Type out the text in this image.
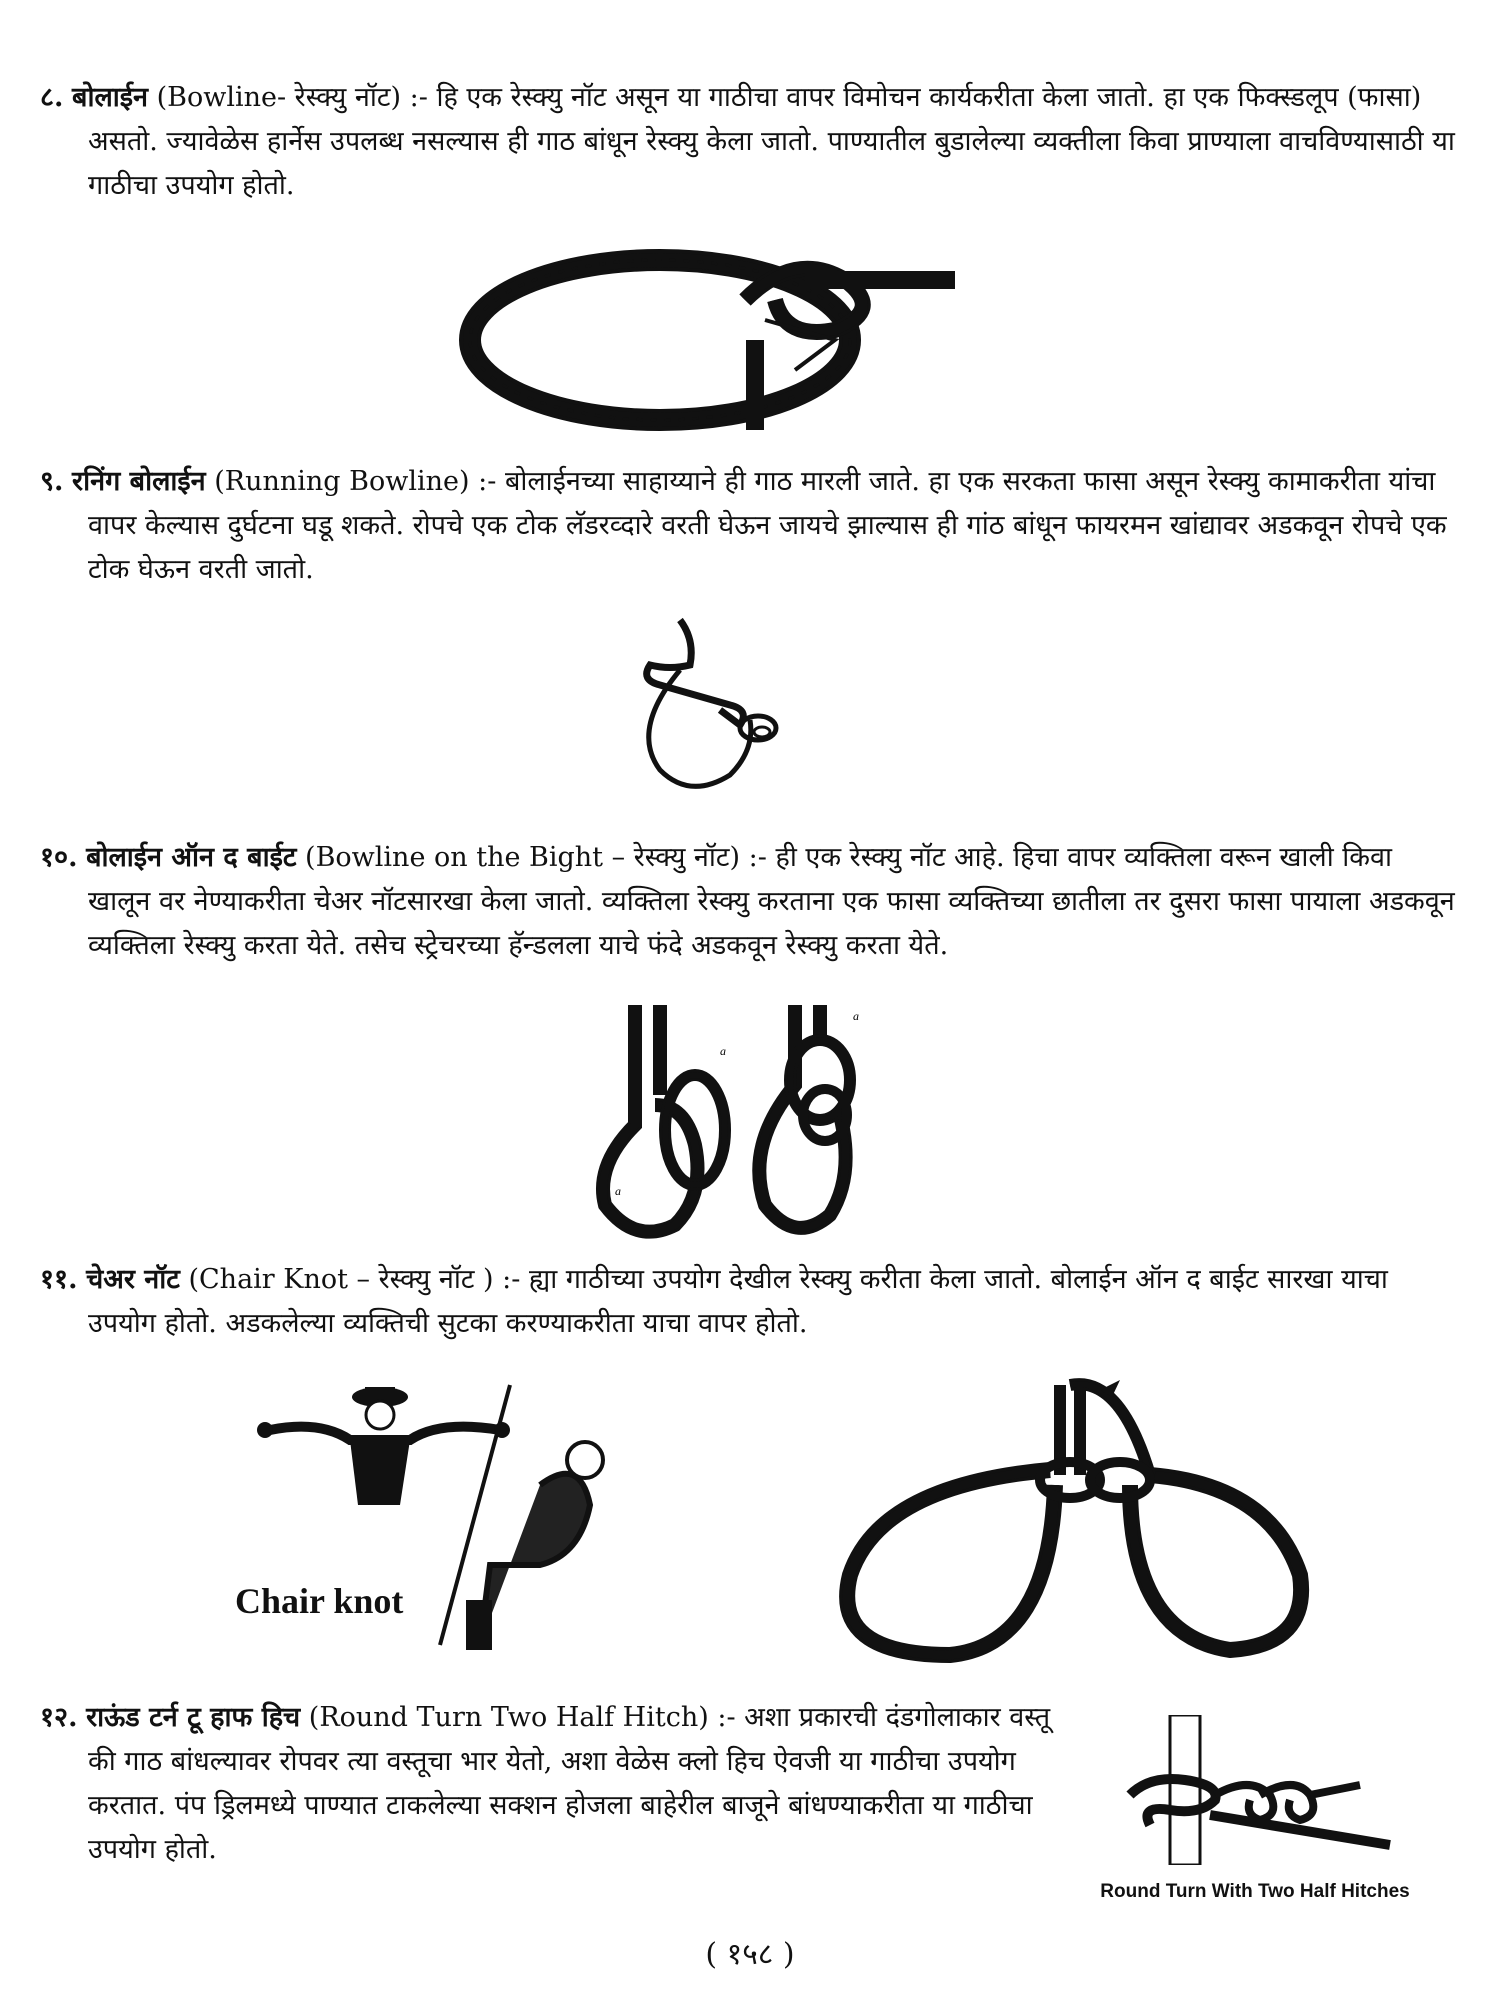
८. बोलाईन (Bowline- रेस्क्यु नॉट) :- हि एक रेस्क्यु नॉट असून या गाठीचा वापर विमोचन कार्यकरीता केला जातो. हा एक फिक्स्डलूप (फासा) असतो. ज्यावेळेस हार्नेस उपलब्ध नसल्यास ही गाठ बांधून रेस्क्यु केला जातो. पाण्यातील बुडालेल्या व्यक्तीला किवा प्राण्याला वाचविण्यासाठी या गाठीचा उपयोग होतो.

९. रनिंग बोलाईन (Running Bowline) :- बोलाईनच्या साहाय्याने ही गाठ मारली जाते. हा एक सरकता फासा असून रेस्क्यु कामाकरीता यांचा वापर केल्यास दुर्घटना घडू शकते. रोपचे एक टोक लॅडरव्दारे वरती घेऊन जायचे झाल्यास ही गांठ बांधून फायरमन खांद्यावर अडकवून रोपचे एक टोक घेऊन वरती जातो.

१०. बोलाईन ऑन द बाईट (Bowline on the Bight – रेस्क्यु नॉट) :- ही एक रेस्क्यु नॉट आहे. हिचा वापर व्यक्तिला वरून खाली किवा खालून वर नेण्याकरीता चेअर नॉटसारखा केला जातो. व्यक्तिला रेस्क्यु करताना एक फासा व्यक्तिच्या छातीला तर दुसरा फासा पायाला अडकवून व्यक्तिला रेस्क्यु करता येते. तसेच स्ट्रेचरच्या हॅन्डलला याचे फंदे अडकवून रेस्क्यु करता येते.

a
a
a

११. चेअर नॉट (Chair Knot – रेस्क्यु नॉट ) :- ह्या गाठीच्या उपयोग देखील रेस्क्यु करीता केला जातो. बोलाईन ऑन द बाईट सारखा याचा उपयोग होतो. अडकलेल्या व्यक्तिची सुटका करण्याकरीता याचा वापर होतो.

Chair knot

१२. राऊंड टर्न टू हाफ हिच (Round Turn Two Half Hitch) :- अशा प्रकारची दंडगोलाकार वस्तू की गाठ बांधल्यावर रोपवर त्या वस्तूचा भार येतो, अशा वेळेस क्लो हिच ऐवजी या गाठीचा उपयोग करतात. पंप ड्रिलमध्ये पाण्यात टाकलेल्या सक्शन होजला बाहेरील बाजूने बांधण्याकरीता या गाठीचा उपयोग होतो.

Round Turn With Two Half Hitches
( १५८ )
